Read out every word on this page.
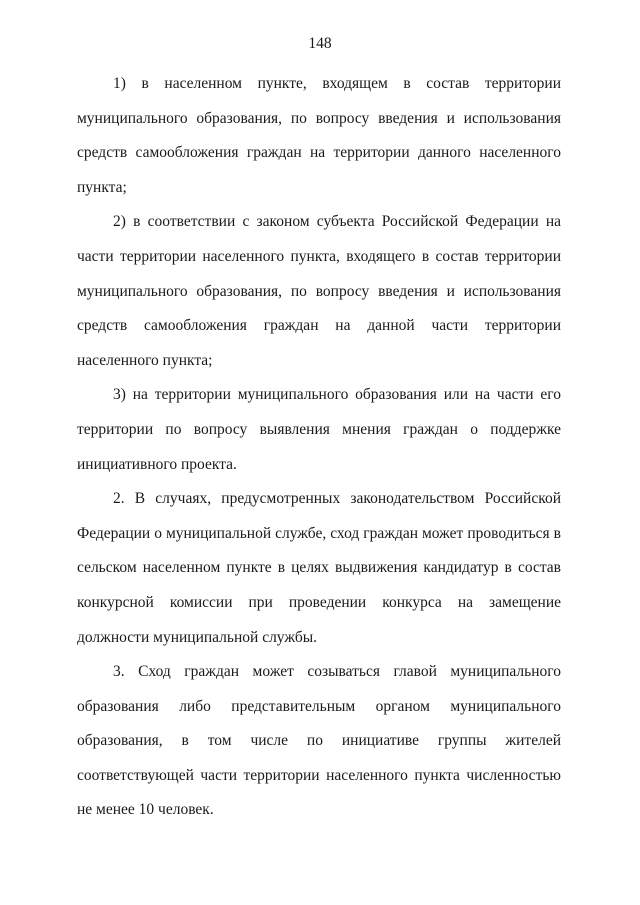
148

1) в населенном пункте, входящем в состав территории муниципального образования, по вопросу введения и использования средств самообложения граждан на территории данного населенного пункта;

2) в соответствии с законом субъекта Российской Федерации на части территории населенного пункта, входящего в состав территории муниципального образования, по вопросу введения и использования средств самообложения граждан на данной части территории населенного пункта;

3) на территории муниципального образования или на части его территории по вопросу выявления мнения граждан о поддержке инициативного проекта.

2. В случаях, предусмотренных законодательством Российской Федерации о муниципальной службе, сход граждан может проводиться в сельском населенном пункте в целях выдвижения кандидатур в состав конкурсной комиссии при проведении конкурса на замещение должности муниципальной службы.

3. Сход граждан может созываться главой муниципального образования либо представительным органом муниципального образования, в том числе по инициативе группы жителей соответствующей части территории населенного пункта численностью не менее 10 человек.
